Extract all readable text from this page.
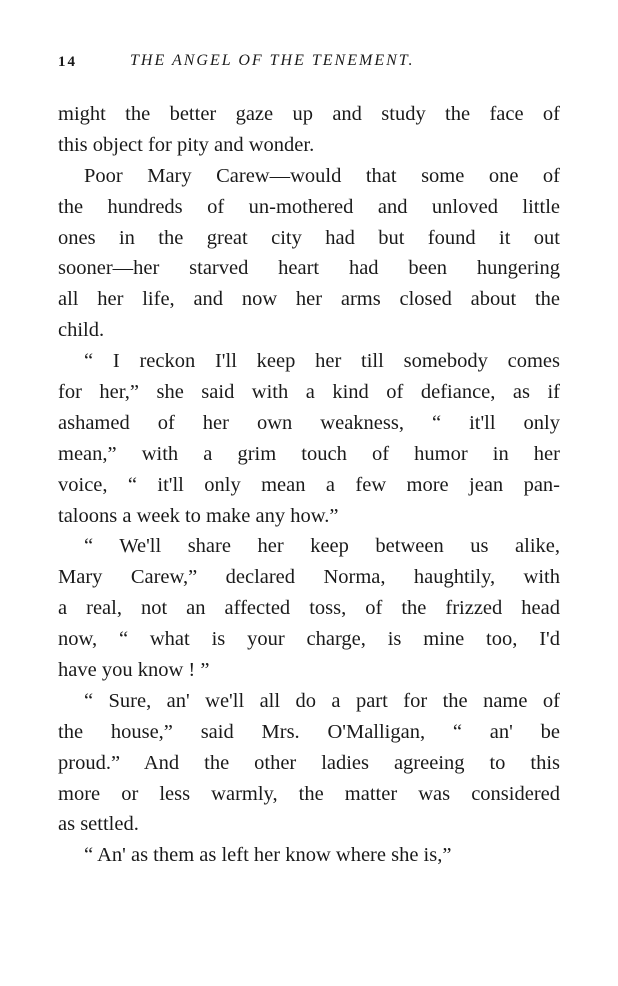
14	THE ANGEL OF THE TENEMENT.
might the better gaze up and study the face of
this object for pity and wonder.
Poor Mary Carew—would that some one of
the hundreds of un-mothered and unloved little
ones in the great city had but found it out
sooner—her starved heart had been hungering
all her life, and now her arms closed about the
child.
“ I reckon I'll keep her till somebody comes
for her,” she said with a kind of defiance, as if
ashamed of her own weakness, “ it'll only
mean,” with a grim touch of humor in her
voice, “ it'll only mean a few more jean pan-
taloons a week to make any how.”
“ We'll share her keep between us alike,
Mary Carew,” declared Norma, haughtily, with
a real, not an affected toss, of the frizzed head
now, “ what is your charge, is mine too, I'd
have you know ! ”
“ Sure, an' we'll all do a part for the name of
the house,” said Mrs. O'Malligan, “ an' be
proud.” And the other ladies agreeing to this
more or less warmly, the matter was considered
as settled.
“ An' as them as left her know where she is,”
